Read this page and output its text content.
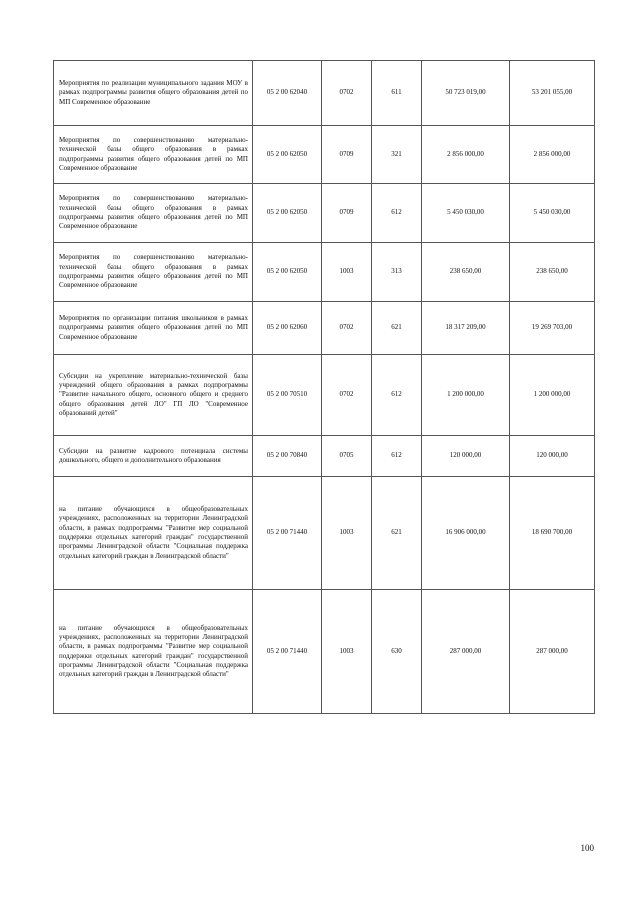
Мероприятия по реализации муниципального задания МОУ в рамках подпрограммы развития общего образования детей по МП Современное образование	05 2 00 62040	0702	611	50 723 019,00	53 201 055,00
Мероприятия по совершенствованию материально-технической базы общего образования в рамках подпрограммы развития общего образования детей по МП Современное образование	05 2 00 62050	0709	321	2 856 000,00	2 856 000,00
Мероприятия по совершенствованию материально-технической базы общего образования в рамках подпрограммы развития общего образования детей по МП Современное образование	05 2 00 62050	0709	612	5 450 030,00	5 450 030,00
Мероприятия по совершенствованию материально-технической базы общего образования в рамках подпрограммы развития общего образования детей по МП Современное образование	05 2 00 62050	1003	313	238 650,00	238 650,00
Мероприятия по организации питания школьников в рамках подпрограммы развития общего образования детей по МП Современное образование	05 2 00 62060	0702	621	18 317 209,00	19 269 703,00
Субсидии на укрепление материально-технической базы учреждений общего образования в рамках подпрограммы "Развитие начального общего, основного общего и среднего общего образования детей ЛО" ГП ЛО "Современное образований детей"	05 2 00 70510	0702	612	1 200 000,00	1 200 000,00
Субсидии на развитие кадрового потенциала системы дошкольного, общего и дополнительного образования	05 2 00 70840	0705	612	120 000,00	120 000,00
на питание обучающихся в общеобразовательных учреждениях, расположенных на территории Ленинградской области, в рамках подпрограммы "Развитие мер социальной поддержки отдельных категорий граждан" государственной программы Ленинградской области "Социальная поддержка отдельных категорий граждан в Ленинградской области"	05 2 00 71440	1003	621	16 906 000,00	18 690 700,00
на питание обучающихся в общеобразовательных учреждениях, расположенных на территории Ленинградской области, в рамках подпрограммы "Развитие мер социальной поддержки отдельных категорий граждан" государственной программы Ленинградской области "Социальная поддержка отдельных категорий граждан в Ленинградской области"	05 2 00 71440	1003	630	287 000,00	287 000,00
100
